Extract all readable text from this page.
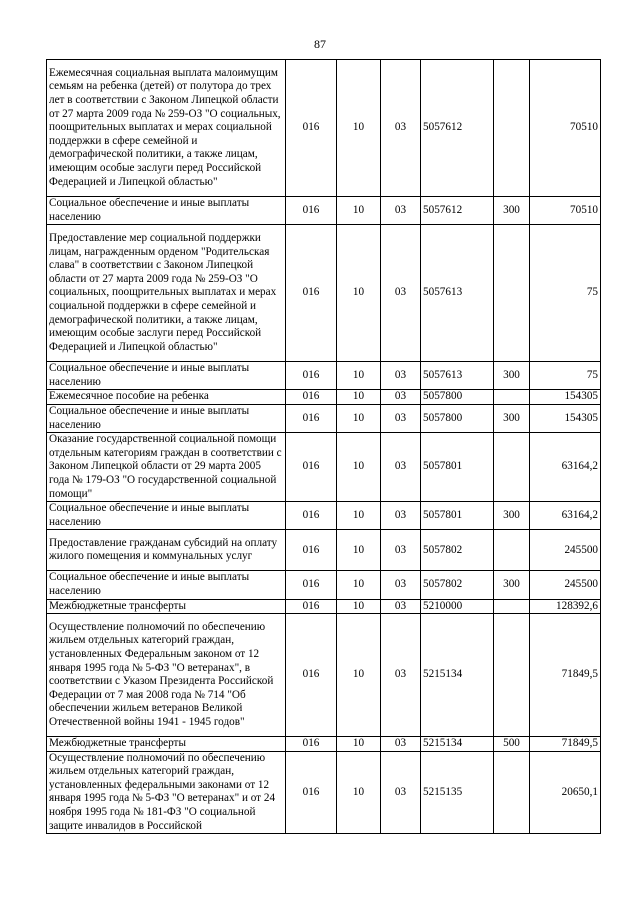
87
Ежемесячная социальная выплата малоимущим семьям на ребенка (детей) от полутора до трех лет в соответствии с Законом Липецкой области от 27 марта 2009 года № 259-ОЗ "О социальных, поощрительных выплатах и мерах социальной поддержки в сфере семейной и демографической политики, а также лицам, имеющим особые заслуги перед Российской Федерацией и Липецкой областью"	016	10	03	5057612		70510
Социальное обеспечение и иные выплаты населению	016	10	03	5057612	300	70510
Предоставление мер социальной поддержки лицам, награжденным орденом "Родительская слава" в соответствии с Законом Липецкой области от 27 марта 2009 года № 259-ОЗ "О социальных, поощрительных выплатах и мерах социальной поддержки в сфере семейной и демографической политики, а также лицам, имеющим особые заслуги перед Российской Федерацией и Липецкой областью"	016	10	03	5057613		75
Социальное обеспечение и иные выплаты населению	016	10	03	5057613	300	75
Ежемесячное пособие на ребенка	016	10	03	5057800		154305
Социальное обеспечение и иные выплаты населению	016	10	03	5057800	300	154305
Оказание государственной социальной помощи отдельным категориям граждан в соответствии с Законом Липецкой области от 29 марта 2005 года № 179-ОЗ "О государственной социальной помощи"	016	10	03	5057801		63164,2
Социальное обеспечение и иные выплаты населению	016	10	03	5057801	300	63164,2
Предоставление гражданам субсидий на оплату жилого помещения и коммунальных услуг	016	10	03	5057802		245500
Социальное обеспечение и иные выплаты населению	016	10	03	5057802	300	245500
Межбюджетные трансферты	016	10	03	5210000		128392,6
Осуществление полномочий по обеспечению жильем отдельных категорий граждан, установленных Федеральным законом от 12 января 1995 года № 5-ФЗ "О ветеранах", в соответствии с Указом Президента Российской Федерации от 7 мая 2008 года № 714 "Об обеспечении жильем ветеранов Великой Отечественной войны 1941 - 1945 годов"	016	10	03	5215134		71849,5
Межбюджетные трансферты	016	10	03	5215134	500	71849,5
Осуществление полномочий по обеспечению жильем отдельных категорий граждан, установленных федеральными законами от 12 января 1995 года № 5-ФЗ "О ветеранах" и от 24 ноября 1995 года № 181-ФЗ "О социальной защите инвалидов в Российской	016	10	03	5215135		20650,1
